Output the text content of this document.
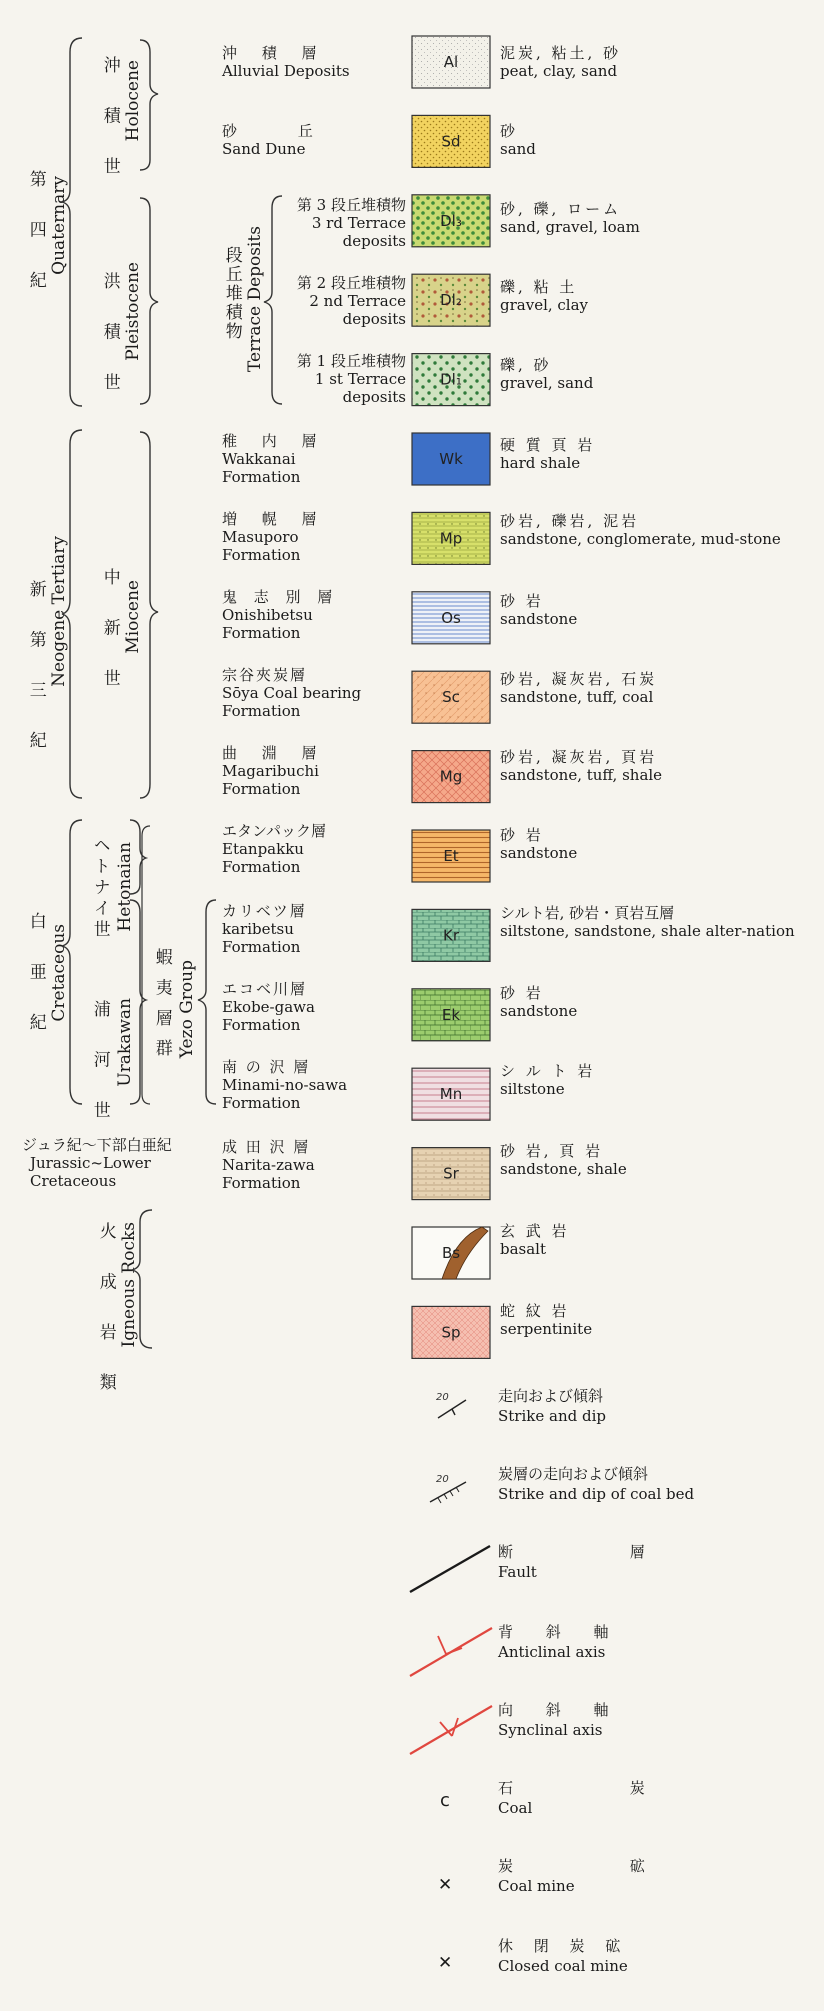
第 四 紀 Quaternary
新 第 三 紀 Neogene Tertiary
白 亜 紀 Cretaceous
火 成 岩 類 Igneous Rocks
沖 積 世 Holocene
洪 積 世 Pleistocene
中 新 世 Miocene
ヘトナイ世 Hetonaian
浦 河 世 Urakawan
段丘堆積物 Terrace Deposits
蝦 夷 層 群 Yezo Group
ジュラ紀〜下部白亜紀
Jurassic~Lower
Cretaceous
沖 積 層
Alluvial Deposits
砂 丘
Sand Dune
第 3 段丘堆積物
3 rd Terrace
deposits
第 2 段丘堆積物
2 nd Terrace
deposits
第 1 段丘堆積物
1 st Terrace
deposits
稚 内 層
Wakkanai
Formation
増 幌 層
Masuporo
Formation
鬼 志 別 層
Onishibetsu
Formation
宗谷夾炭層
Sōya Coal bearing
Formation
曲 淵 層
Magaribuchi
Formation
エタンパック層
Etanpakku
Formation
カリベツ層
karibetsu
Formation
エコベ川層
Ekobe-gawa
Formation
南 の 沢 層
Minami-no-sawa
Formation
成 田 沢 層
Narita-zawa
Formation
泥炭, 粘土, 砂
peat, clay, sand
砂
sand
砂, 礫, ローム
sand, gravel, loam
礫, 粘 土
gravel, clay
礫, 砂
gravel, sand
硬 質 頁 岩
hard shale
砂岩, 礫岩, 泥岩
sandstone, conglomerate, mud-stone
砂 岩
sandstone
砂岩, 凝灰岩, 石炭
sandstone, tuff, coal
砂岩, 凝灰岩, 頁岩
sandstone, tuff, shale
砂 岩
sandstone
シルト岩, 砂岩・頁岩互層
siltstone, sandstone, shale alter-nation
砂 岩
sandstone
シ ル ト 岩
siltstone
砂 岩, 頁 岩
sandstone, shale
玄 武 岩
basalt
蛇 紋 岩
serpentinite
走向および傾斜
Strike and dip
炭層の走向および傾斜
Strike and dip of coal bed
断 層
Fault
背 斜 軸
Anticlinal axis
向 斜 軸
Synclinal axis
石 炭
Coal
炭 砿
Coal mine
休 閉 炭 砿
Closed coal mine
Al
Sd
Dl₃
Dl₂
Dl₁
Wk
Mp
Os
Sc
Mg
Et
Kr
Ek
Mn
Sr
Bs
Sp
20
20
c
✕
✕
